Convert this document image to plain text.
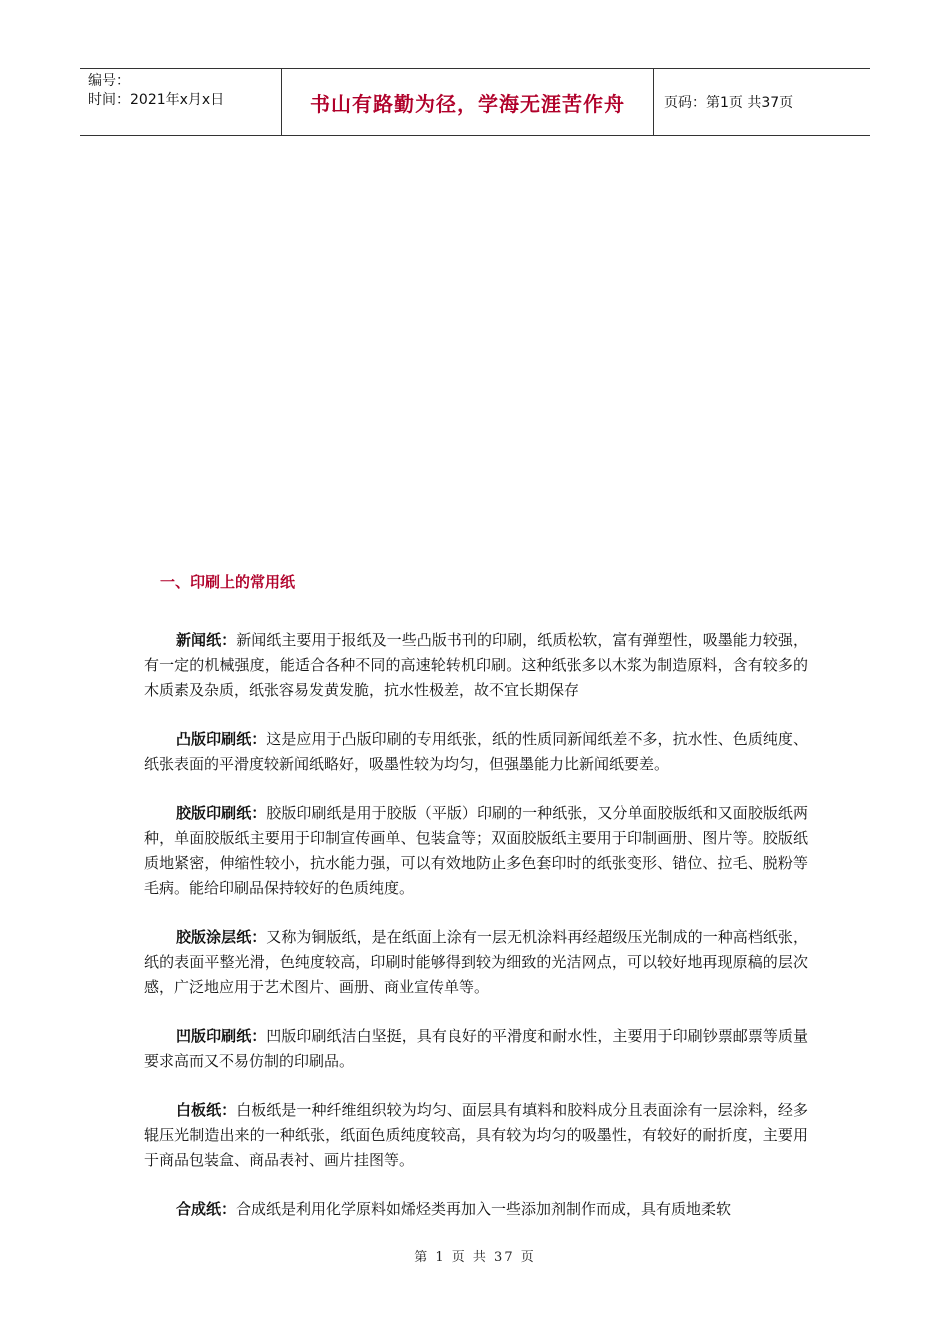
编号：
时间：2021年x月x日	书山有路勤为径，学海无涯苦作舟	页码：第1页 共37页
一、印刷上的常用纸

新闻纸：新闻纸主要用于报纸及一些凸版书刊的印刷，纸质松软，富有弹塑性，吸墨能力较强，有一定的机械强度，能适合各种不同的高速轮转机印刷。这种纸张多以木浆为制造原料，含有较多的木质素及杂质，纸张容易发黄发脆，抗水性极差，故不宜长期保存

凸版印刷纸：这是应用于凸版印刷的专用纸张，纸的性质同新闻纸差不多，抗水性、色质纯度、纸张表面的平滑度较新闻纸略好，吸墨性较为均匀，但强墨能力比新闻纸要差。

胶版印刷纸：胶版印刷纸是用于胶版（平版）印刷的一种纸张，又分单面胶版纸和又面胶版纸两种，单面胶版纸主要用于印制宣传画单、包装盒等；双面胶版纸主要用于印制画册、图片等。胶版纸质地紧密，伸缩性较小，抗水能力强，可以有效地防止多色套印时的纸张变形、错位、拉毛、脱粉等毛病。能给印刷品保持较好的色质纯度。

胶版涂层纸：又称为铜版纸，是在纸面上涂有一层无机涂料再经超级压光制成的一种高档纸张，纸的表面平整光滑，色纯度较高，印刷时能够得到较为细致的光洁网点，可以较好地再现原稿的层次感，广泛地应用于艺术图片、画册、商业宣传单等。

凹版印刷纸：凹版印刷纸洁白坚挺，具有良好的平滑度和耐水性，主要用于印刷钞票邮票等质量要求高而又不易仿制的印刷品。

白板纸：白板纸是一种纤维组织较为均匀、面层具有填料和胶料成分且表面涂有一层涂料，经多辊压光制造出来的一种纸张，纸面色质纯度较高，具有较为均匀的吸墨性，有较好的耐折度，主要用于商品包装盒、商品表衬、画片挂图等。

合成纸：合成纸是利用化学原料如烯烃类再加入一些添加剂制作而成，具有质地柔软

第 1 页 共 37 页
